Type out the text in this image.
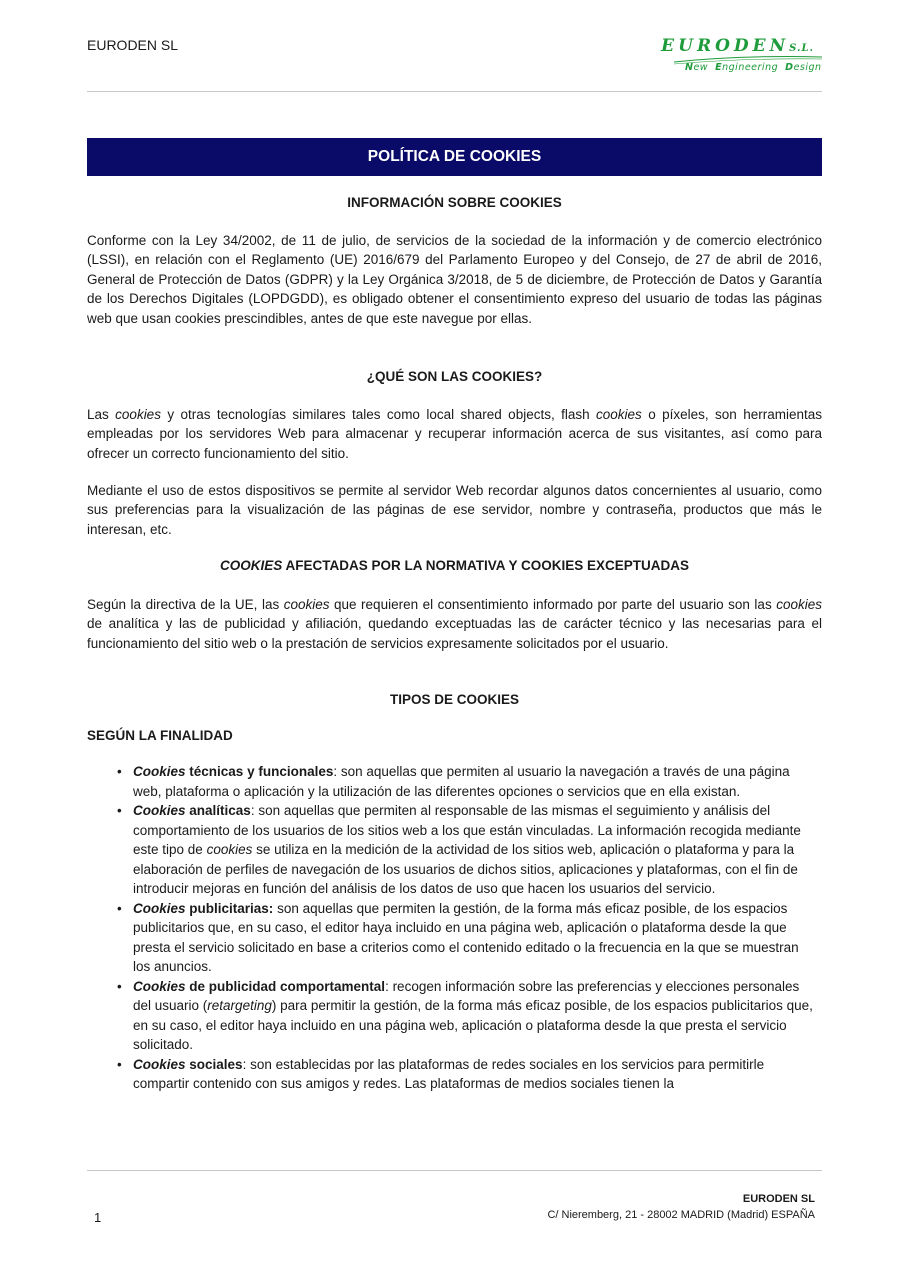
EURODEN SL	EURODENS.L.
New Engineering Design
POLÍTICA DE COOKIES
INFORMACIÓN SOBRE COOKIES
Conforme con la Ley 34/2002, de 11 de julio, de servicios de la sociedad de la información y de comercio electrónico (LSSI), en relación con el Reglamento (UE) 2016/679 del Parlamento Europeo y del Consejo, de 27 de abril de 2016, General de Protección de Datos (GDPR) y la Ley Orgánica 3/2018, de 5 de diciembre, de Protección de Datos y Garantía de los Derechos Digitales (LOPDGDD), es obligado obtener el consentimiento expreso del usuario de todas las páginas web que usan cookies prescindibles, antes de que este navegue por ellas.
¿QUÉ SON LAS COOKIES?
Las cookies y otras tecnologías similares tales como local shared objects, flash cookies o píxeles, son herramientas empleadas por los servidores Web para almacenar y recuperar información acerca de sus visitantes, así como para ofrecer un correcto funcionamiento del sitio.
Mediante el uso de estos dispositivos se permite al servidor Web recordar algunos datos concernientes al usuario, como sus preferencias para la visualización de las páginas de ese servidor, nombre y contraseña, productos que más le interesan, etc.
COOKIES AFECTADAS POR LA NORMATIVA Y COOKIES EXCEPTUADAS
Según la directiva de la UE, las cookies que requieren el consentimiento informado por parte del usuario son las cookies de analítica y las de publicidad y afiliación, quedando exceptuadas las de carácter técnico y las necesarias para el funcionamiento del sitio web o la prestación de servicios expresamente solicitados por el usuario.
TIPOS DE COOKIES
SEGÚN LA FINALIDAD
• Cookies técnicas y funcionales: son aquellas que permiten al usuario la navegación a través de una página web, plataforma o aplicación y la utilización de las diferentes opciones o servicios que en ella existan.
• Cookies analíticas: son aquellas que permiten al responsable de las mismas el seguimiento y análisis del comportamiento de los usuarios de los sitios web a los que están vinculadas. La información recogida mediante este tipo de cookies se utiliza en la medición de la actividad de los sitios web, aplicación o plataforma y para la elaboración de perfiles de navegación de los usuarios de dichos sitios, aplicaciones y plataformas, con el fin de introducir mejoras en función del análisis de los datos de uso que hacen los usuarios del servicio.
• Cookies publicitarias: son aquellas que permiten la gestión, de la forma más eficaz posible, de los espacios publicitarios que, en su caso, el editor haya incluido en una página web, aplicación o plataforma desde la que presta el servicio solicitado en base a criterios como el contenido editado o la frecuencia en la que se muestran los anuncios.
• Cookies de publicidad comportamental: recogen información sobre las preferencias y elecciones personales del usuario (retargeting) para permitir la gestión, de la forma más eficaz posible, de los espacios publicitarios que, en su caso, el editor haya incluido en una página web, aplicación o plataforma desde la que presta el servicio solicitado.
• Cookies sociales: son establecidas por las plataformas de redes sociales en los servicios para permitirle compartir contenido con sus amigos y redes. Las plataformas de medios sociales tienen la
1
EURODEN SL
C/ Nieremberg, 21 - 28002 MADRID (Madrid) ESPAÑA
